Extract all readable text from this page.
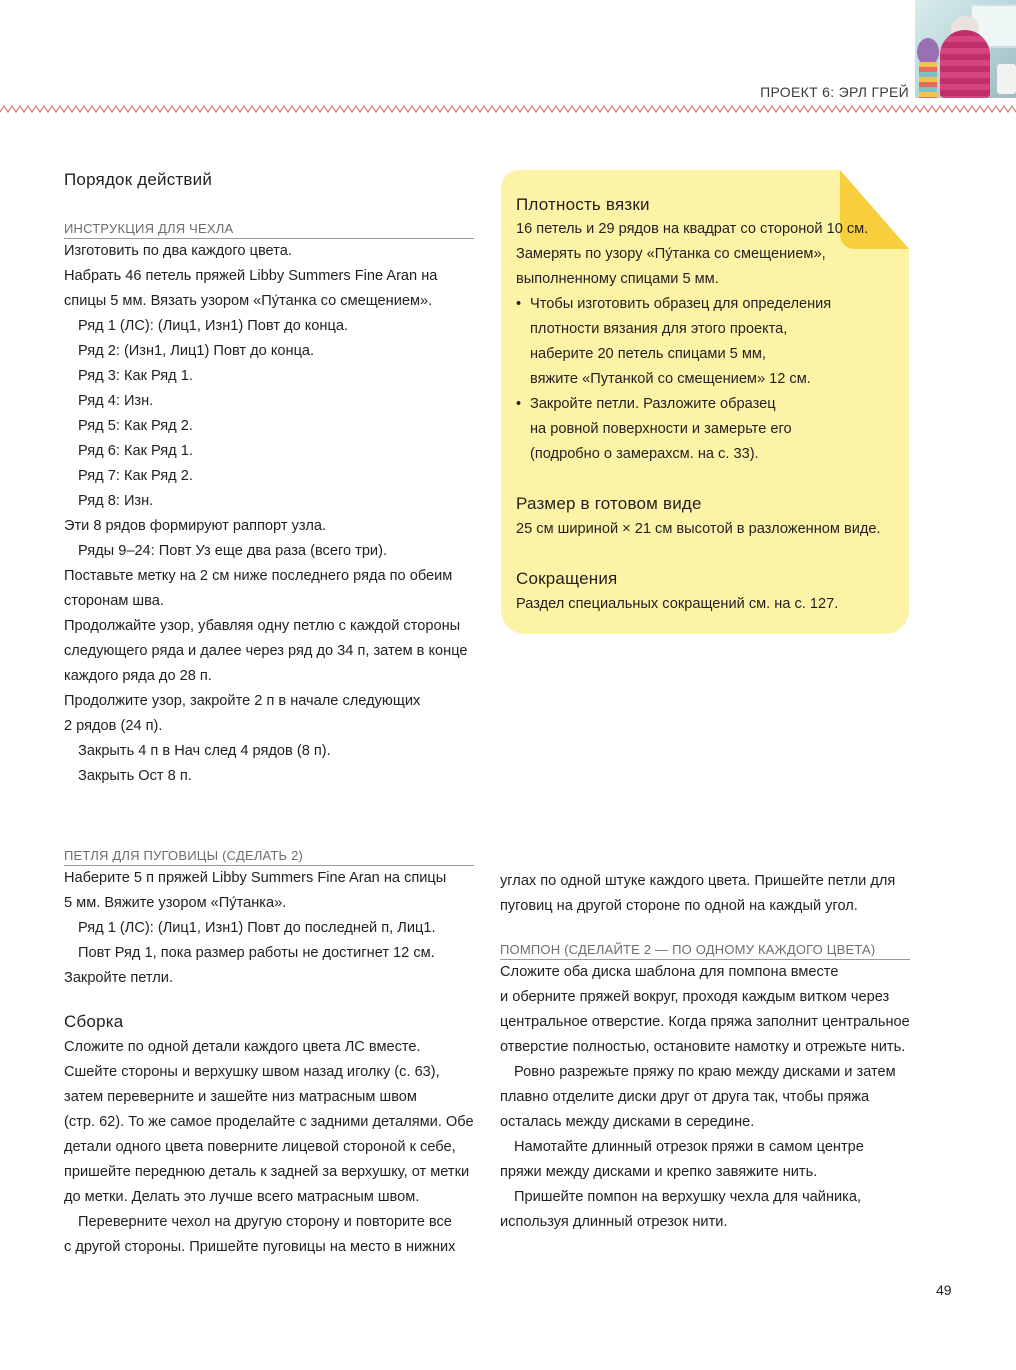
ПРОЕКТ 6: ЭРЛ ГРЕЙ

Порядок действий

ИНСТРУКЦИЯ ДЛЯ ЧЕХЛА

Изготовить по два каждого цвета.

Набрать 46 петель пряжей Libby Summers Fine Aran на

спицы 5 мм. Вязать узором «Пу́танка со смещением».

Ряд 1 (ЛС): (Лиц1, Изн1) Повт до конца.

Ряд 2: (Изн1, Лиц1) Повт до конца.

Ряд 3: Как Ряд 1.

Ряд 4: Изн.

Ряд 5: Как Ряд 2.

Ряд 6: Как Ряд 1.

Ряд 7: Как Ряд 2.

Ряд 8: Изн.

Эти 8 рядов формируют раппорт узла.

Ряды 9–24: Повт Уз еще два раза (всего три).

Поставьте метку на 2 см ниже последнего ряда по обеим

сторонам шва.

Продолжайте узор, убавляя одну петлю с каждой стороны

следующего ряда и далее через ряд до 34 п, затем в конце

каждого ряда до 28 п.

Продолжите узор, закройте 2 п в начале следующих

2 рядов (24 п).

Закрыть 4 п в Нач след 4 рядов (8 п).

Закрыть Ост 8 п.

ПЕТЛЯ ДЛЯ ПУГОВИЦЫ (СДЕЛАТЬ 2)

Наберите 5 п пряжей Libby Summers Fine Aran на спицы

5 мм. Вяжите узором «Пу́танка».

Ряд 1 (ЛС): (Лиц1, Изн1) Повт до последней п, Лиц1.

Повт Ряд 1, пока размер работы не достигнет 12 см.

Закройте петли.

Сборка

Сложите по одной детали каждого цвета ЛС вместе.

Сшейте стороны и верхушку швом назад иголку (с. 63),

затем переверните и зашейте низ матрасным швом

(стр. 62). То же самое проделайте с задними деталями. Обе

детали одного цвета поверните лицевой стороной к себе,

пришейте переднюю деталь к задней за верхушку, от метки

до метки. Делать это лучше всего матрасным швом.

Переверните чехол на другую сторону и повторите все

с другой стороны. Пришейте пуговицы на место в нижних

Плотность вязки

16 петель и 29 рядов на квадрат со стороной 10 см.

Замерять по узору «Пу́танка со смещением»,

выполненному спицами 5 мм.

• Чтобы изготовить образец для определения

плотности вязания для этого проекта,

наберите 20 петель спицами 5 мм,

вяжите «Путанкой со смещением» 12 см.

• Закройте петли. Разложите образец

на ровной поверхности и замерьте его

(подробно о замерахсм. на с. 33).

Размер в готовом виде

25 см шириной × 21 см высотой в разложенном виде.

Сокращения

Раздел специальных сокращений см. на с. 127.

углах по одной штуке каждого цвета. Пришейте петли для

пуговиц на другой стороне по одной на каждый угол.

ПОМПОН (СДЕЛАЙТЕ 2 — ПО ОДНОМУ КАЖДОГО ЦВЕТА)

Сложите оба диска шаблона для помпона вместе

и оберните пряжей вокруг, проходя каждым витком через

центральное отверстие. Когда пряжа заполнит центральное

отверстие полностью, остановите намотку и отрежьте нить.

Ровно разрежьте пряжу по краю между дисками и затем

плавно отделите диски друг от друга так, чтобы пряжа

осталась между дисками в середине.

Намотайте длинный отрезок пряжи в самом центре

пряжи между дисками и крепко завяжите нить.

Пришейте помпон на верхушку чехла для чайника,

используя длинный отрезок нити.

49
